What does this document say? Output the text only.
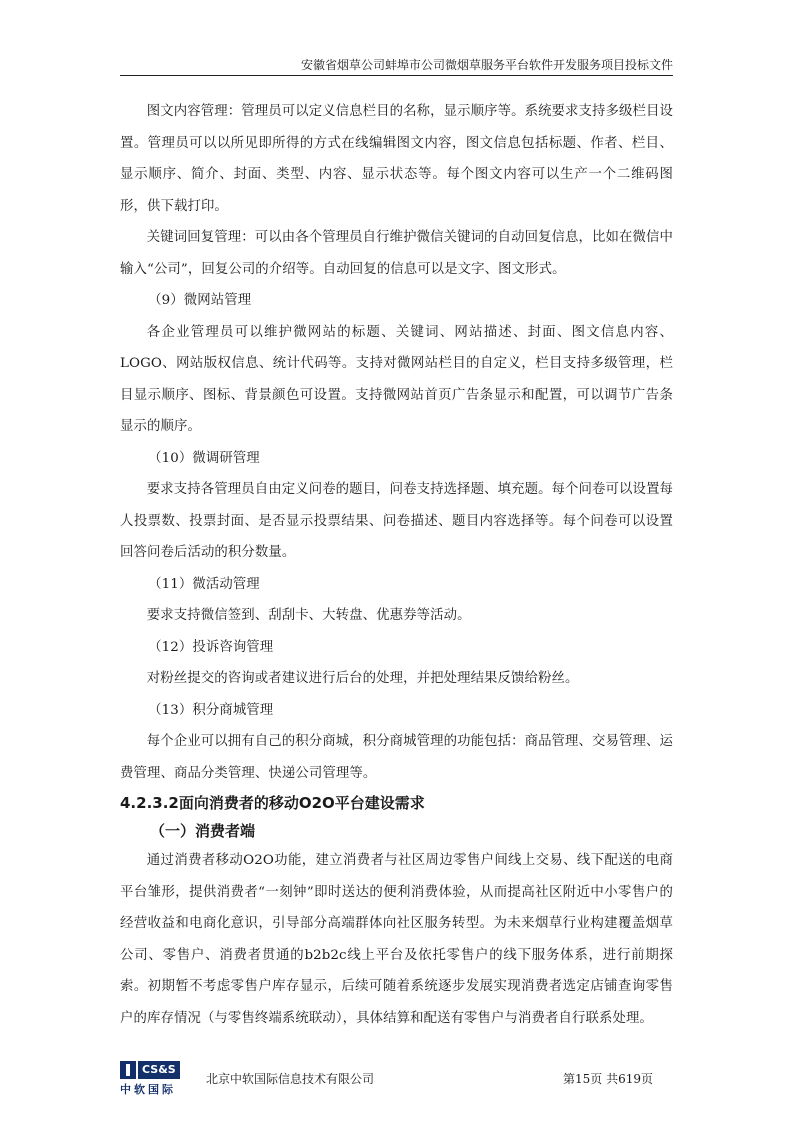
安徽省烟草公司蚌埠市公司微烟草服务平台软件开发服务项目投标文件

图文内容管理：管理员可以定义信息栏目的名称，显示顺序等。系统要求支持多级栏目设置。管理员可以以所见即所得的方式在线编辑图文内容，图文信息包括标题、作者、栏目、显示顺序、简介、封面、类型、内容、显示状态等。每个图文内容可以生产一个二维码图形，供下载打印。

关键词回复管理：可以由各个管理员自行维护微信关键词的自动回复信息，比如在微信中输入“公司”，回复公司的介绍等。自动回复的信息可以是文字、图文形式。

（9）微网站管理

各企业管理员可以维护微网站的标题、关键词、网站描述、封面、图文信息内容、LOGO、网站版权信息、统计代码等。支持对微网站栏目的自定义，栏目支持多级管理，栏目显示顺序、图标、背景颜色可设置。支持微网站首页广告条显示和配置，可以调节广告条显示的顺序。

（10）微调研管理

要求支持各管理员自由定义问卷的题目，问卷支持选择题、填充题。每个问卷可以设置每人投票数、投票封面、是否显示投票结果、问卷描述、题目内容选择等。每个问卷可以设置回答问卷后活动的积分数量。

（11）微活动管理

要求支持微信签到、刮刮卡、大转盘、优惠券等活动。

（12）投诉咨询管理

对粉丝提交的咨询或者建议进行后台的处理，并把处理结果反馈给粉丝。

（13）积分商城管理

每个企业可以拥有自己的积分商城，积分商城管理的功能包括：商品管理、交易管理、运费管理、商品分类管理、快递公司管理等。

4.2.3.2面向消费者的移动O2O平台建设需求
（一）消费者端

通过消费者移动O2O功能，建立消费者与社区周边零售户间线上交易、线下配送的电商平台雏形，提供消费者“一刻钟”即时送达的便利消费体验，从而提高社区附近中小零售户的经营收益和电商化意识，引导部分高端群体向社区服务转型。为未来烟草行业构建覆盖烟草公司、零售户、消费者贯通的b2b2c线上平台及依托零售户的线下服务体系，进行前期探索。初期暂不考虑零售户库存显示，后续可随着系统逐步发展实现消费者选定店铺查询零售户的库存情况（与零售终端系统联动），具体结算和配送有零售户与消费者自行联系处理。

CS&S
中软国际
北京中软国际信息技术有限公司	第15页 共619页
